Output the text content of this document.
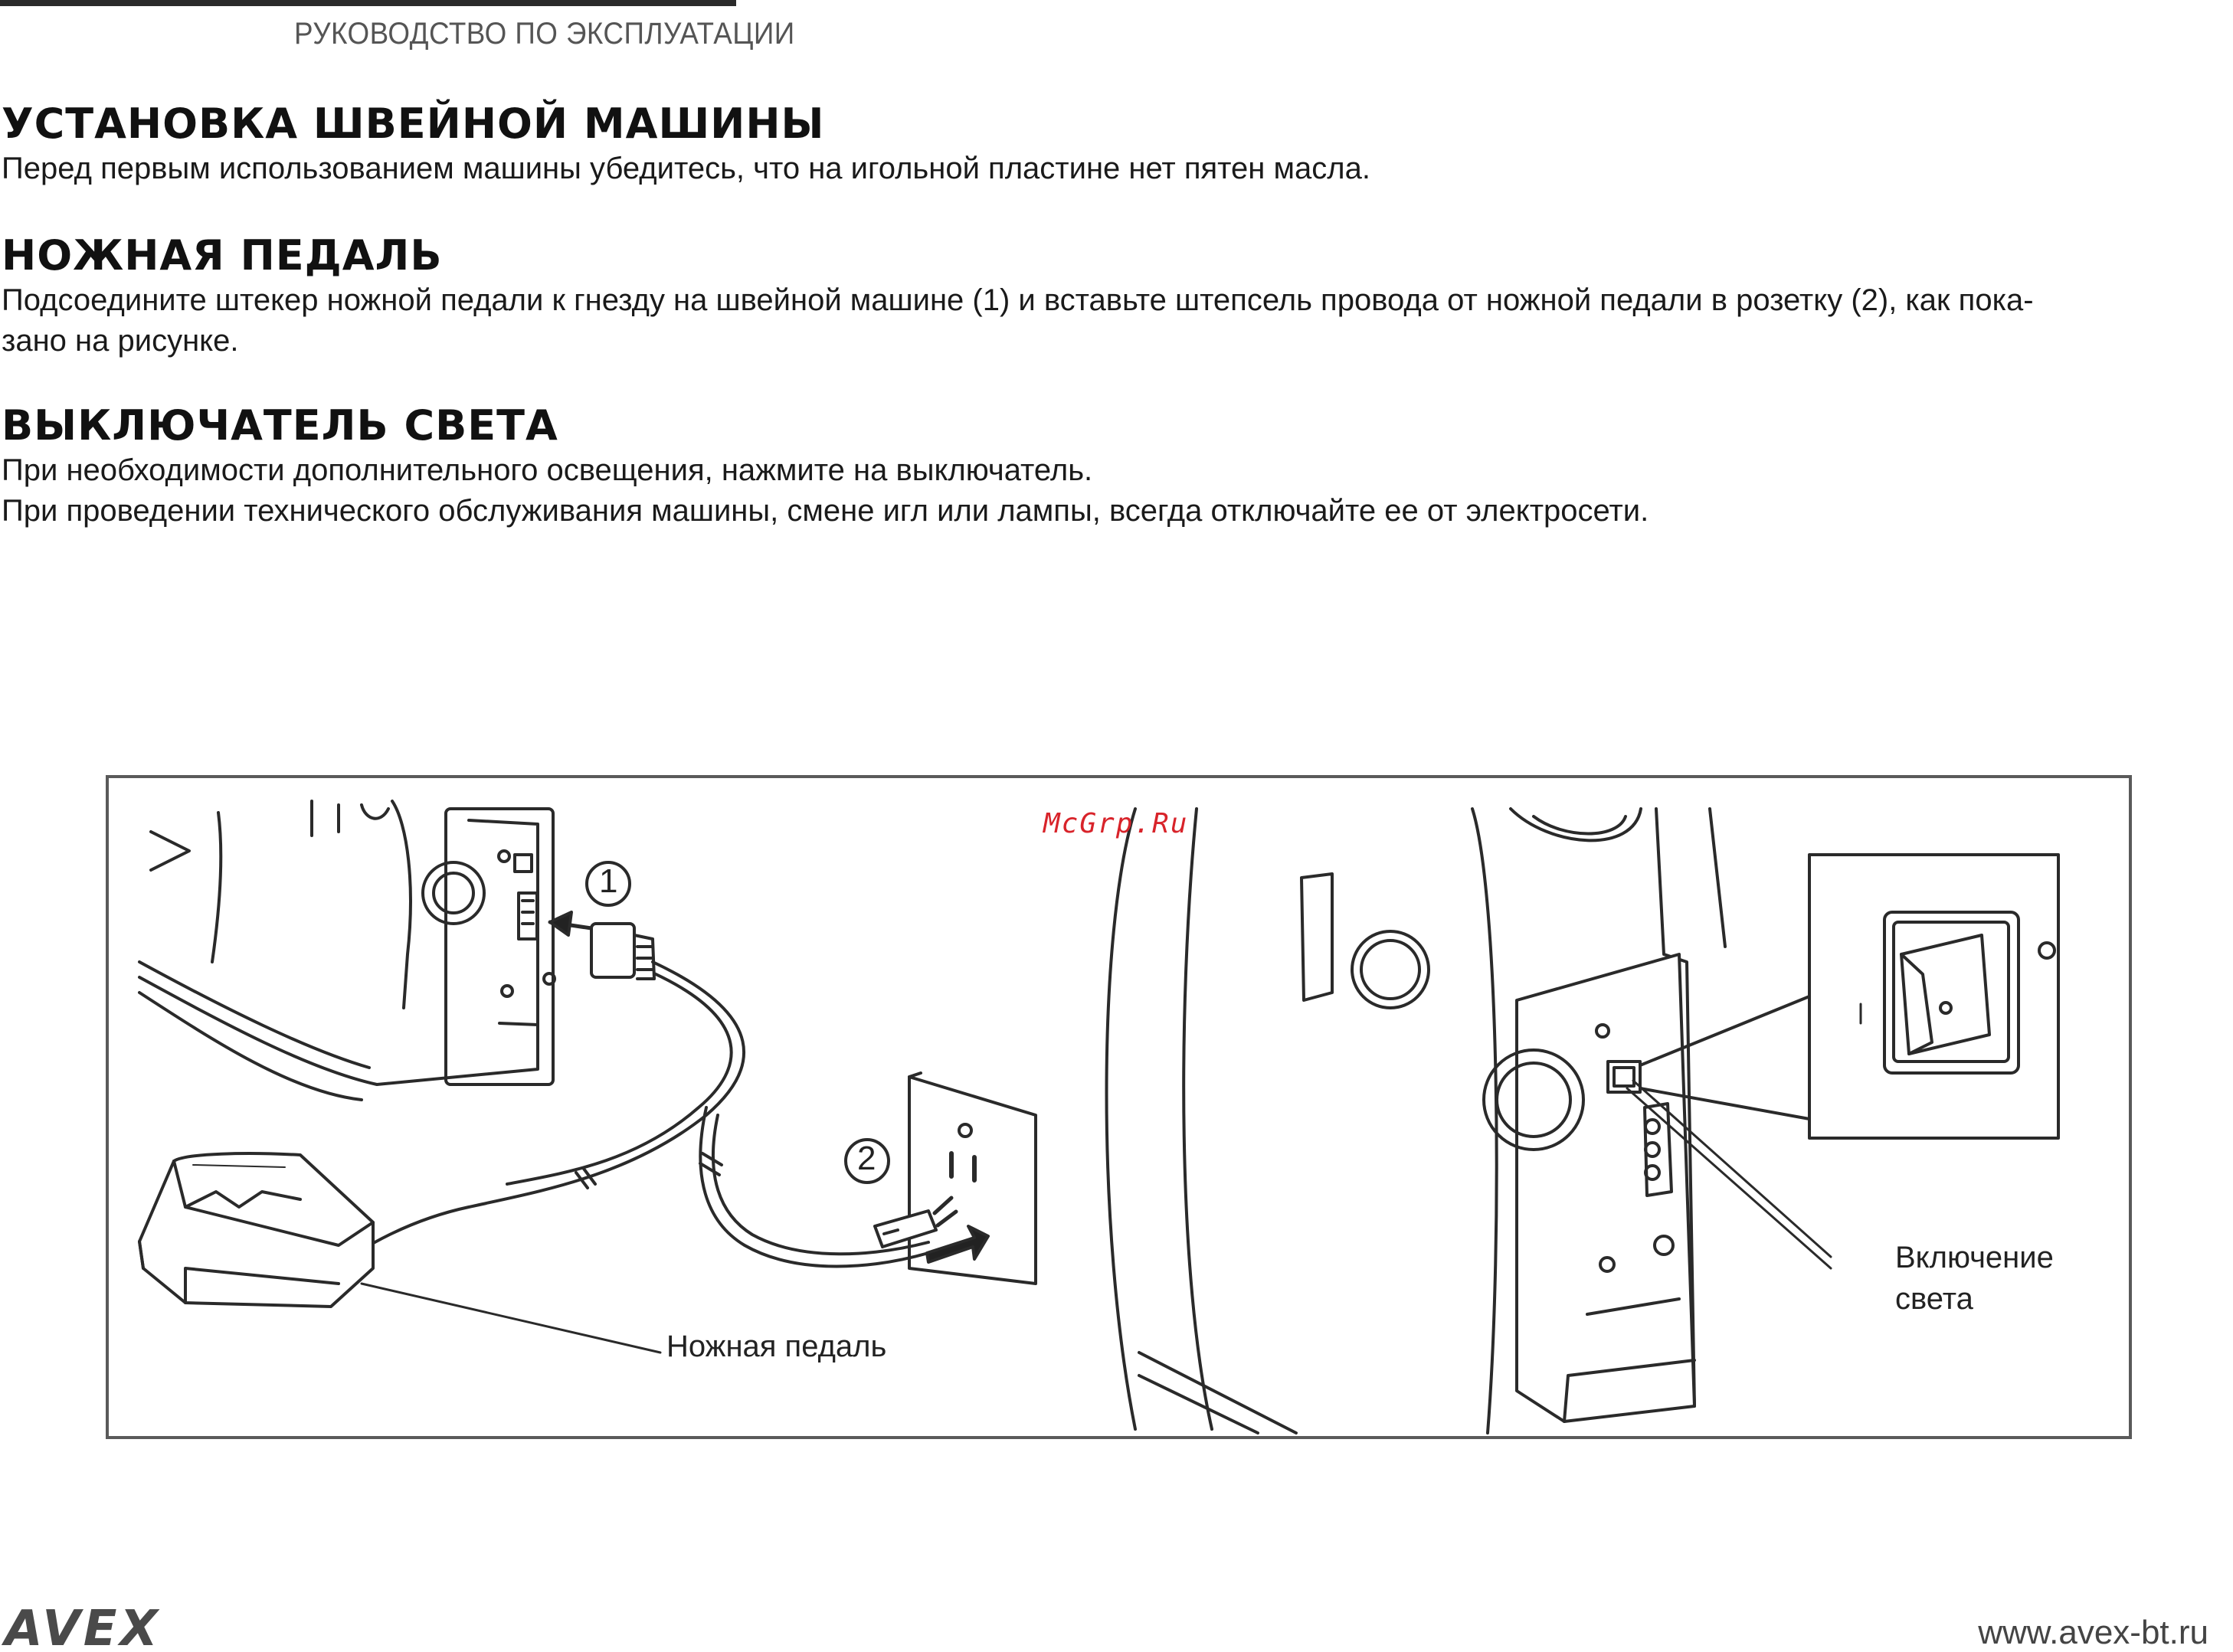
РУКОВОДСТВО ПО ЭКСПЛУАТАЦИИ
УСТАНОВКА ШВЕЙНОЙ МАШИНЫ
Перед первым использованием машины убедитесь, что на игольной пластине нет пятен масла.
НОЖНАЯ ПЕДАЛЬ
Подсоедините штекер ножной педали к гнезду на швейной машине (1) и вставьте штепсель провода от ножной педали в розетку (2), как пока-
зано на рисунке.
ВЫКЛЮЧАТЕЛЬ СВЕТА
При необходимости дополнительного освещения, нажмите на выключатель.
При проведении технического обслуживания машины, смене игл или лампы, всегда отключайте ее от электросети.
1
2
Ножная педаль
Включение
света
McGrp.Ru
AVEX	www.avex-bt.ru
